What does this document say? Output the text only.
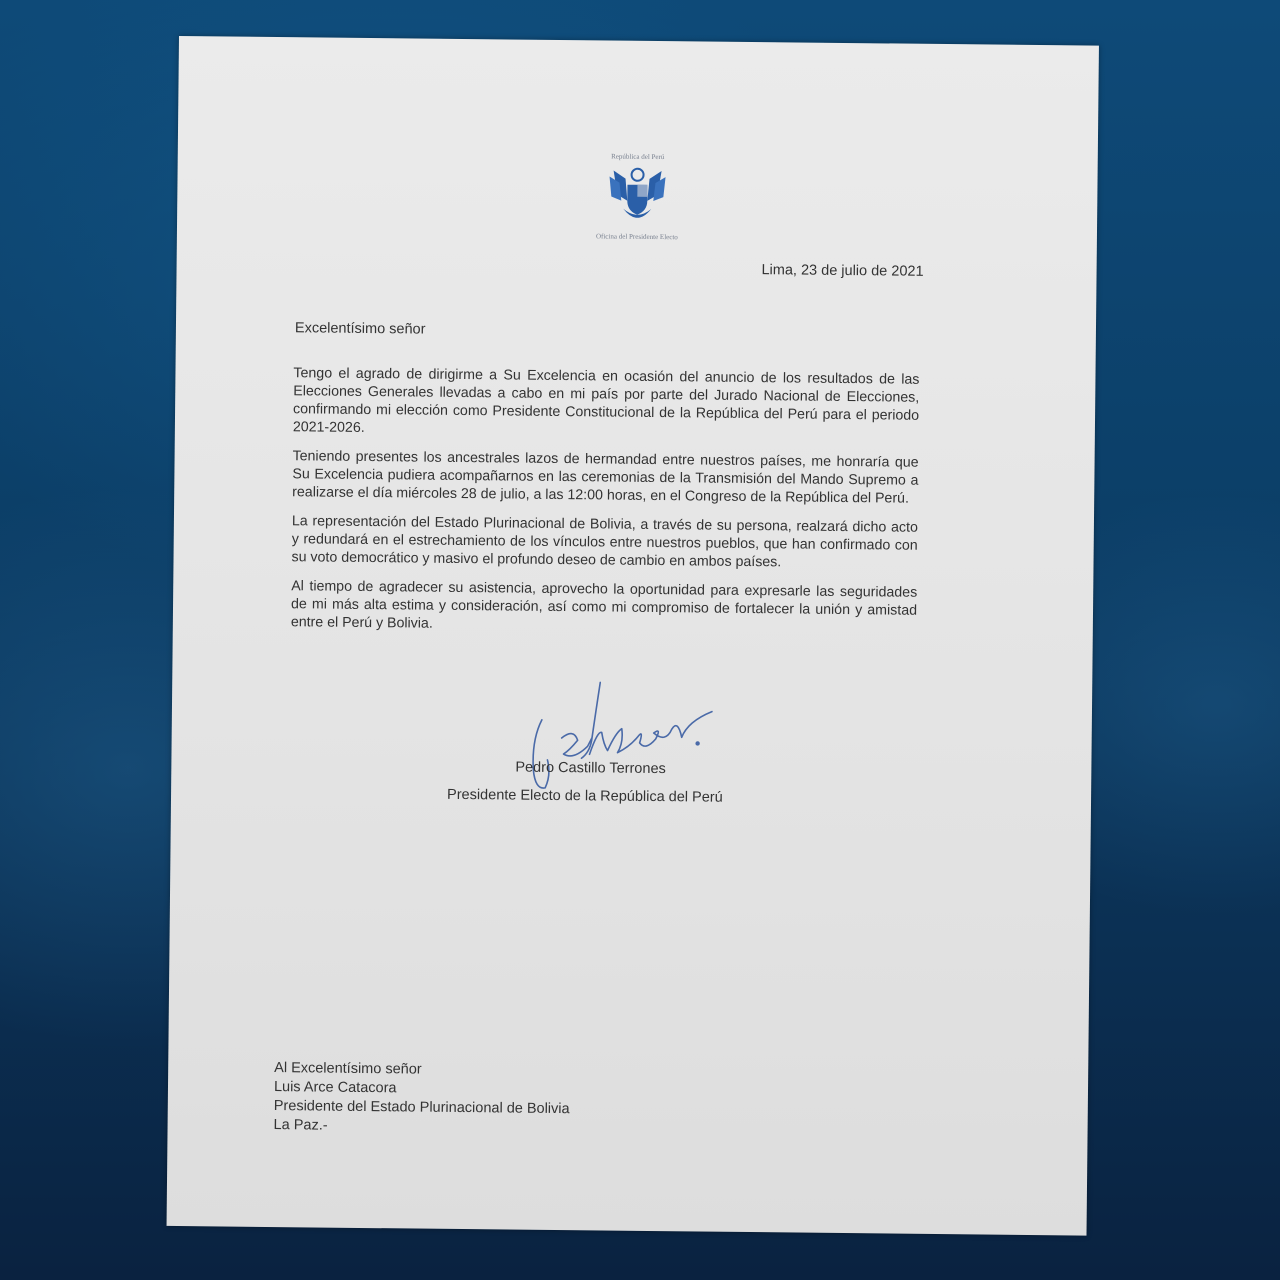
República del Perú
Oficina del Presidente Electo
Lima, 23 de julio de 2021
Excelentísimo señor

Tengo el agrado de dirigirme a Su Excelencia en ocasión del anuncio de los resultados de las Elecciones Generales llevadas a cabo en mi país por parte del Jurado Nacional de Elecciones, confirmando mi elección como Presidente Constitucional de la República del Perú para el periodo 2021-2026.

Teniendo presentes los ancestrales lazos de hermandad entre nuestros países, me honraría que Su Excelencia pudiera acompañarnos en las ceremonias de la Transmisión del Mando Supremo a realizarse el día miércoles 28 de julio, a las 12:00 horas, en el Congreso de la República del Perú.

La representación del Estado Plurinacional de Bolivia, a través de su persona, realzará dicho acto y redundará en el estrechamiento de los vínculos entre nuestros pueblos, que han confirmado con su voto democrático y masivo el profundo deseo de cambio en ambos países.

Al tiempo de agradecer su asistencia, aprovecho la oportunidad para expresarle las seguridades de mi más alta estima y consideración, así como mi compromiso de fortalecer la unión y amistad entre el Perú y Bolivia.

Pedro Castillo Terrones
Presidente Electo de la República del Perú
Al Excelentísimo señor
Luis Arce Catacora
Presidente del Estado Plurinacional de Bolivia
La Paz.-
